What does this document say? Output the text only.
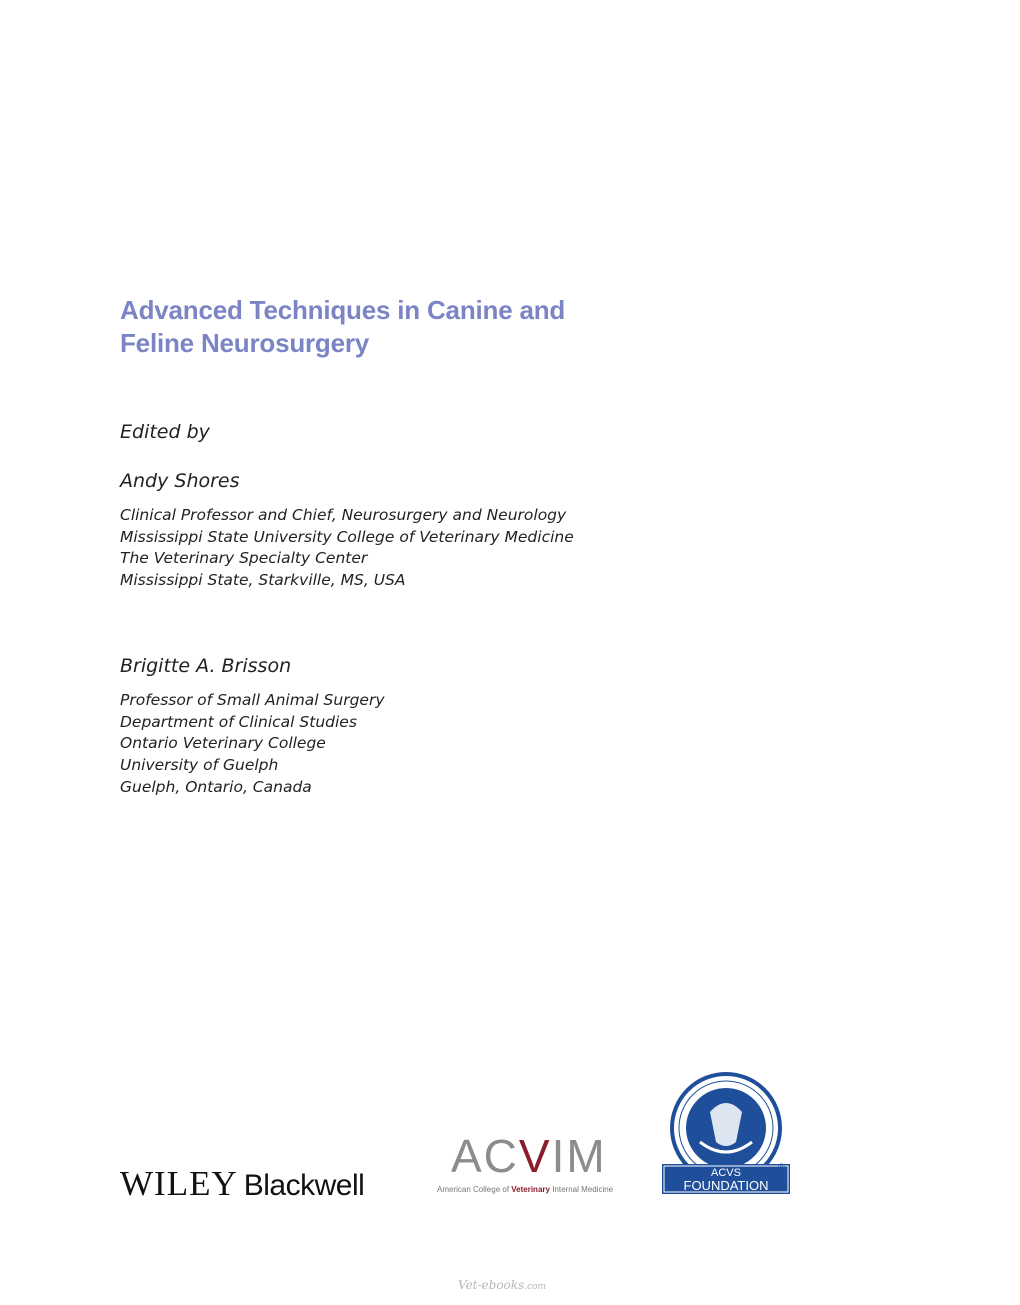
Advanced Techniques in Canine and
Feline Neurosurgery

Edited by

Andy Shores

Clinical Professor and Chief, Neurosurgery and Neurology
Mississippi State University College of Veterinary Medicine
The Veterinary Specialty Center
Mississippi State, Starkville, MS, USA

Brigitte A. Brisson

Professor of Small Animal Surgery
Department of Clinical Studies
Ontario Veterinary College
University of Guelph
Guelph, Ontario, Canada
WILEY Blackwell
ACVIM
American College of Veterinary Internal Medicine
ACVS
FOUNDATION
®
Vet-ebooks.com
